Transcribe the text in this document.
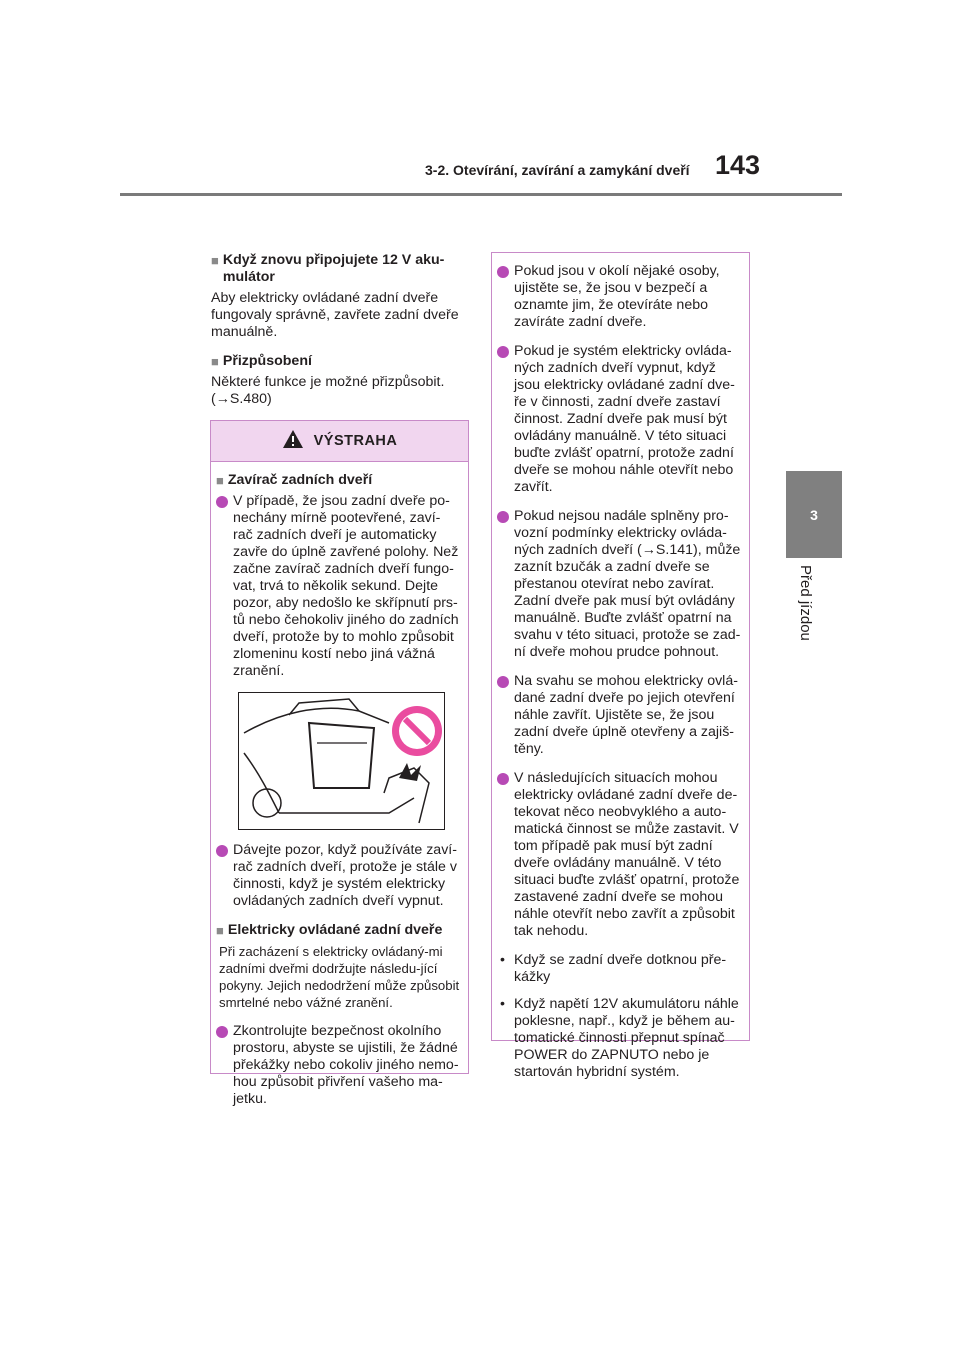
3-2. Otevírání, zavírání a zamykání dveří 143
3
Před jízdou
■ Když znovu připojujete 12 V aku-mulátor
Aby elektricky ovládané zadní dveře fungovaly správně, zavřete zadní dveře manuálně.
■ Přizpůsobení
Některé funkce je možné přizpůsobit. (→S.480)
VÝSTRAHA
■ Zavírač zadních dveří
V případě, že jsou zadní dveře po-nechány mírně pootevřené, zaví-rač zadních dveří je automaticky zavře do úplně zavřené polohy. Než začne zavírač zadních dveří fungo-vat, trvá to několik sekund. Dejte pozor, aby nedošlo ke skřípnutí prs-tů nebo čehokoliv jiného do zadních dveří, protože by to mohlo způsobit zlomeninu kostí nebo jiná vážná zranění.
Dávejte pozor, když používáte zaví-rač zadních dveří, protože je stále v činnosti, když je systém elektricky ovládaných zadních dveří vypnut.
■ Elektricky ovládané zadní dveře
Při zacházení s elektricky ovládaný-mi zadními dveřmi dodržujte následu-jící pokyny. Jejich nedodržení může způsobit smrtelné nebo vážné zranění.
Zkontrolujte bezpečnost okolního prostoru, abyste se ujistili, že žádné překážky nebo cokoliv jiného nemo-hou způsobit přivření vašeho ma-jetku.
Pokud jsou v okolí nějaké osoby, ujistěte se, že jsou v bezpečí a oznamte jim, že otevíráte nebo zavíráte zadní dveře.
Pokud je systém elektricky ovláda-ných zadních dveří vypnut, když jsou elektricky ovládané zadní dve-ře v činnosti, zadní dveře zastaví činnost. Zadní dveře pak musí být ovládány manuálně. V této situaci buďte zvlášť opatrní, protože zadní dveře se mohou náhle otevřít nebo zavřít.
Pokud nejsou nadále splněny pro-vozní podmínky elektricky ovláda-ných zadních dveří (→S.141), může zaznít bzučák a zadní dveře se přestanou otevírat nebo zavírat. Zadní dveře pak musí být ovládány manuálně. Buďte zvlášť opatrní na svahu v této situaci, protože se zad-ní dveře mohou prudce pohnout.
Na svahu se mohou elektricky ovlá-dané zadní dveře po jejich otevření náhle zavřít. Ujistěte se, že jsou zadní dveře úplně otevřeny a zajiš-těny.
V následujících situacích mohou elektricky ovládané zadní dveře de-tekovat něco neobvyklého a auto-matická činnost se může zastavit. V tom případě pak musí být zadní dveře ovládány manuálně. V této situaci buďte zvlášť opatrní, protože zastavené zadní dveře se mohou náhle otevřít nebo zavřít a způsobit tak nehodu.
• Když se zadní dveře dotknou pře-kážky
• Když napětí 12V akumulátoru náhle poklesne, např., když je během au-tomatické činnosti přepnut spínač POWER do ZAPNUTO nebo je startován hybridní systém.
